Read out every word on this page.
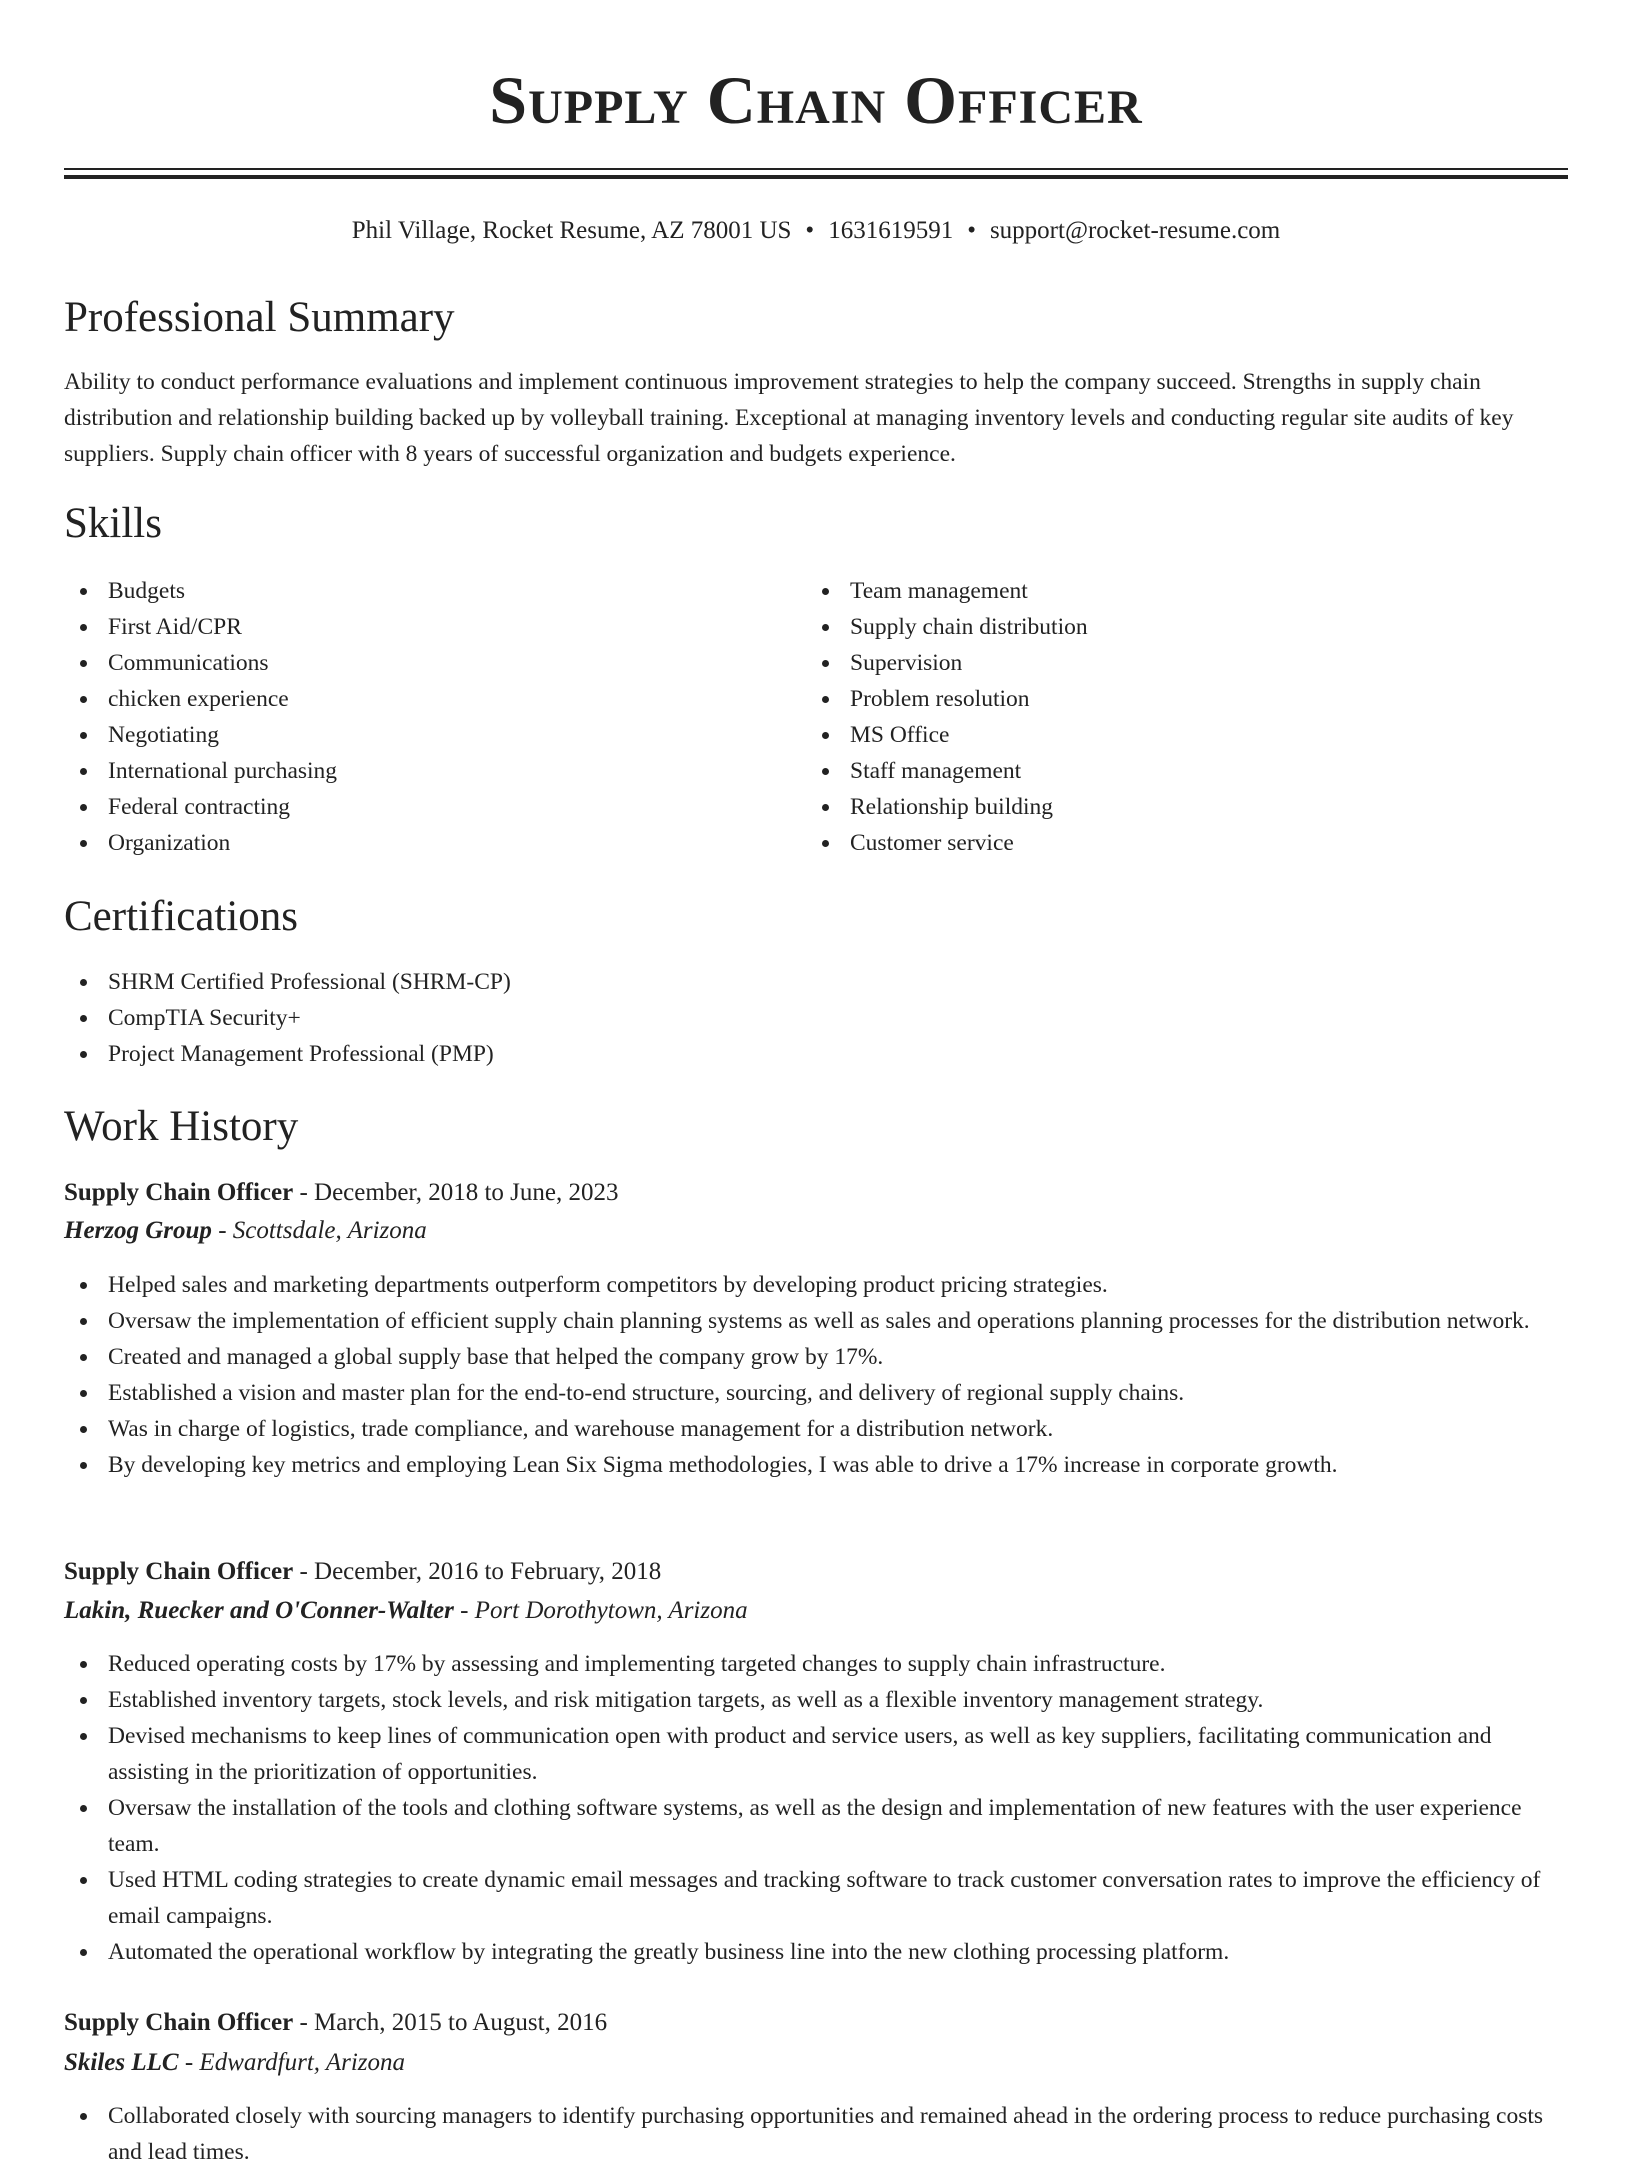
Supply Chain Officer
Phil Village, Rocket Resume, AZ 78001 US • 1631619591 • support@rocket-resume.com
Professional Summary

Ability to conduct performance evaluations and implement continuous improvement strategies to help the company succeed. Strengths in supply chain distribution and relationship building backed up by volleyball training. Exceptional at managing inventory levels and conducting regular site audits of key suppliers. Supply chain officer with 8 years of successful organization and budgets experience.

Skills
Budgets
First Aid/CPR
Communications
chicken experience
Negotiating
International purchasing
Federal contracting
Organization
Team management
Supply chain distribution
Supervision
Problem resolution
MS Office
Staff management
Relationship building
Customer service
Certifications
SHRM Certified Professional (SHRM-CP)
CompTIA Security+
Project Management Professional (PMP)
Work History
Supply Chain Officer - December, 2018 to June, 2023
Herzog Group - Scottsdale, Arizona
Helped sales and marketing departments outperform competitors by developing product pricing strategies.
Oversaw the implementation of efficient supply chain planning systems as well as sales and operations planning processes for the distribution network.
Created and managed a global supply base that helped the company grow by 17%.
Established a vision and master plan for the end-to-end structure, sourcing, and delivery of regional supply chains.
Was in charge of logistics, trade compliance, and warehouse management for a distribution network.
By developing key metrics and employing Lean Six Sigma methodologies, I was able to drive a 17% increase in corporate growth.
Supply Chain Officer - December, 2016 to February, 2018
Lakin, Ruecker and O'Conner-Walter - Port Dorothytown, Arizona
Reduced operating costs by 17% by assessing and implementing targeted changes to supply chain infrastructure.
Established inventory targets, stock levels, and risk mitigation targets, as well as a flexible inventory management strategy.
Devised mechanisms to keep lines of communication open with product and service users, as well as key suppliers, facilitating communication and assisting in the prioritization of opportunities.
Oversaw the installation of the tools and clothing software systems, as well as the design and implementation of new features with the user experience team.
Used HTML coding strategies to create dynamic email messages and tracking software to track customer conversation rates to improve the efficiency of email campaigns.
Automated the operational workflow by integrating the greatly business line into the new clothing processing platform.
Supply Chain Officer - March, 2015 to August, 2016
Skiles LLC - Edwardfurt, Arizona
Collaborated closely with sourcing managers to identify purchasing opportunities and remained ahead in the ordering process to reduce purchasing costs and lead times.
